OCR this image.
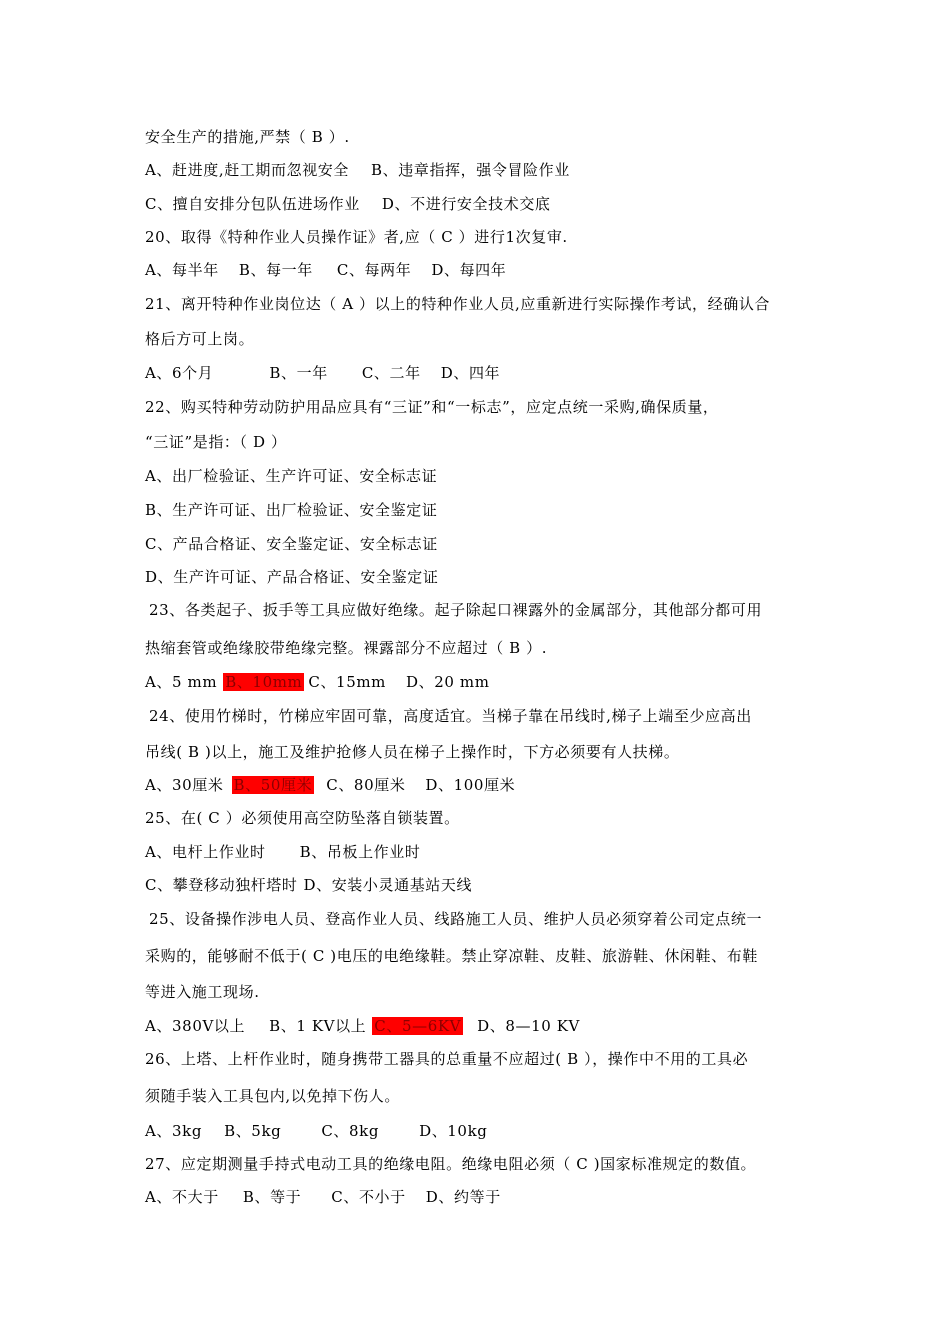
安全生产的措施,严禁（ B ）.
A、赶进度,赶工期而忽视安全 B、违章指挥，强令冒险作业
C、擅自安排分包队伍进场作业 D、不进行安全技术交底
20、取得《特种作业人员操作证》者,应（ C ）进行1次复审.
A、每半年 B、每一年 C、每两年 D、每四年
21、离开特种作业岗位达（ A ）以上的特种作业人员,应重新进行实际操作考试，经确认合
格后方可上岗。
A、6个月	B、一年 C、二年 D、四年
22、购买特种劳动防护用品应具有“三证”和“一标志”，应定点统一采购,确保质量，
“三证”是指：（ D ）
A、出厂检验证、生产许可证、安全标志证
B、生产许可证、出厂检验证、安全鉴定证
C、产品合格证、安全鉴定证、安全标志证
D、生产许可证、产品合格证、安全鉴定证
23、各类起子、扳手等工具应做好绝缘。起子除起口裸露外的金属部分，其他部分都可用
热缩套管或绝缘胶带绝缘完整。裸露部分不应超过（ B ）.
A、5 mm B、10mm C、15mm D、20 mm
24、使用竹梯时，竹梯应牢固可靠，高度适宜。当梯子靠在吊线时,梯子上端至少应高出
吊线( B )以上，施工及维护抢修人员在梯子上操作时，下方必须要有人扶梯。
A、30厘米 B、50厘米 C、80厘米 D、100厘米
25、在( C ）必须使用高空防坠落自锁装置。
A、电杆上作业时 B、吊板上作业时
C、攀登移动独杆塔时 D、安装小灵通基站天线
25、设备操作涉电人员、登高作业人员、线路施工人员、维护人员必须穿着公司定点统一
采购的，能够耐不低于( C )电压的电绝缘鞋。禁止穿凉鞋、皮鞋、旅游鞋、休闲鞋、布鞋
等进入施工现场.
A、380V以上 B、1 KV以上 C、5—6KV D、8—10 KV
26、上塔、上杆作业时，随身携带工器具的总重量不应超过( B ），操作中不用的工具必
须随手装入工具包内,以免掉下伤人。
A、3kg B、5kg	C、8kg	D、10kg
27、应定期测量手持式电动工具的绝缘电阻。绝缘电阻必须（ C )国家标准规定的数值。
A、不大于 B、等于 C、不小于 D、约等于
